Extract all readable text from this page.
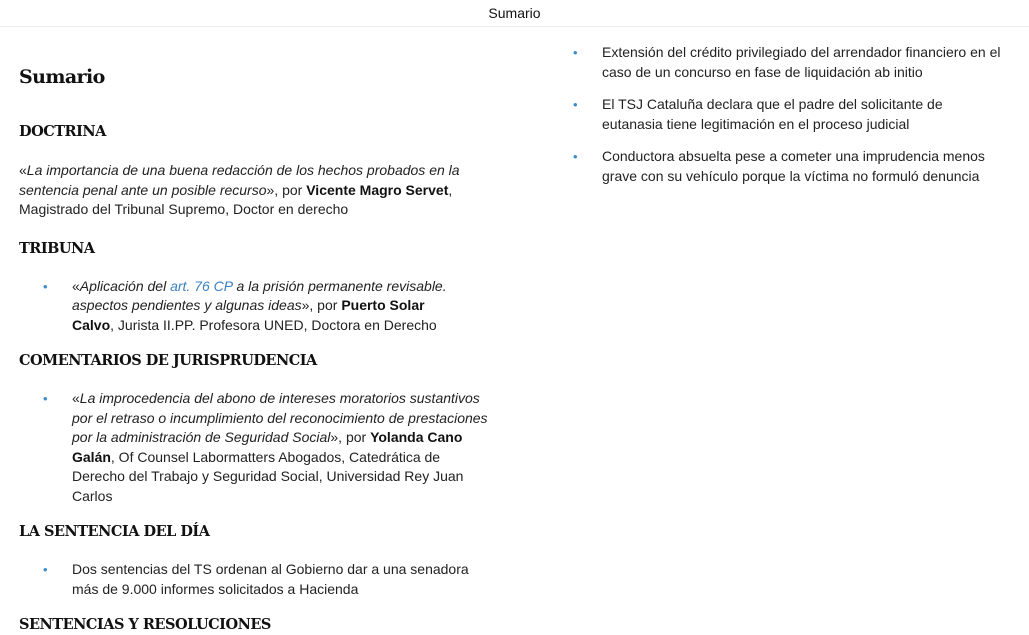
Sumario
Sumario
DOCTRINA

«La importancia de una buena redacción de los hechos probados en la sentencia penal ante un posible recurso», por Vicente Magro Servet, Magistrado del Tribunal Supremo, Doctor en derecho

TRIBUNA
• «Aplicación del art. 76 CP a la prisión permanente revisable. aspectos pendientes y algunas ideas», por Puerto Solar Calvo, Jurista II.PP. Profesora UNED, Doctora en Derecho
COMENTARIOS DE JURISPRUDENCIA
• «La improcedencia del abono de intereses moratorios sustantivos por el retraso o incumplimiento del reconocimiento de prestaciones por la administración de Seguridad Social», por Yolanda Cano Galán, Of Counsel Labormatters Abogados, Catedrática de Derecho del Trabajo y Seguridad Social, Universidad Rey Juan Carlos
LA SENTENCIA DEL DÍA
• Dos sentencias del TS ordenan al Gobierno dar a una senadora más de 9.000 informes solicitados a Hacienda
SENTENCIAS Y RESOLUCIONES
• Extensión del crédito privilegiado del arrendador financiero en el caso de un concurso en fase de liquidación ab initio
• El TSJ Cataluña declara que el padre del solicitante de eutanasia tiene legitimación en el proceso judicial
• Conductora absuelta pese a cometer una imprudencia menos grave con su vehículo porque la víctima no formuló denuncia
